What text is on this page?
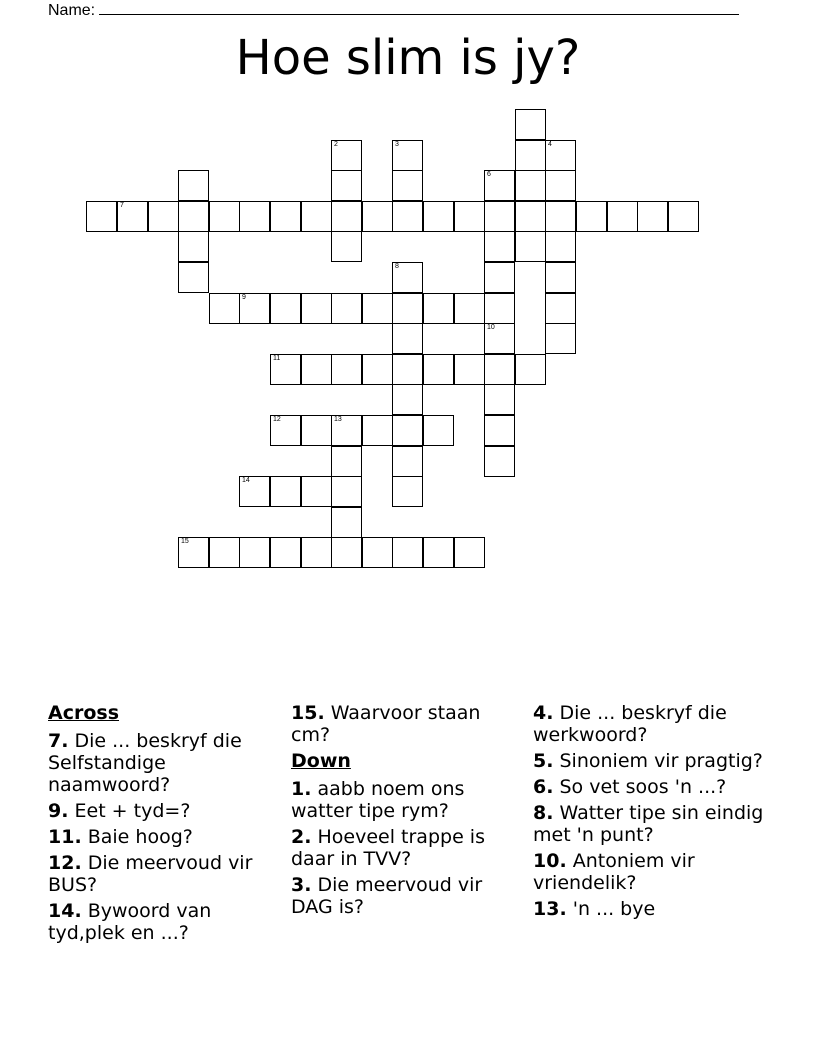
Name:
Hoe slim is jy?
2	3	4
6
10
7
8
9
11
12	13
14
15
Across
7. Die ... beskryf die Selfstandige naamwoord?
9. Eet + tyd=?
11. Baie hoog?
12. Die meervoud vir BUS?
14. Bywoord van tyd,plek en ...?
15. Waarvoor staan cm?
Down
1. aabb noem ons watter tipe rym?
2. Hoeveel trappe is daar in TVV?
3. Die meervoud vir DAG is?
4. Die ... beskryf die werkwoord?
5. Sinoniem vir pragtig?
6. So vet soos 'n ...?
8. Watter tipe sin eindig met 'n punt?
10. Antoniem vir vriendelik?
13. 'n ... bye
